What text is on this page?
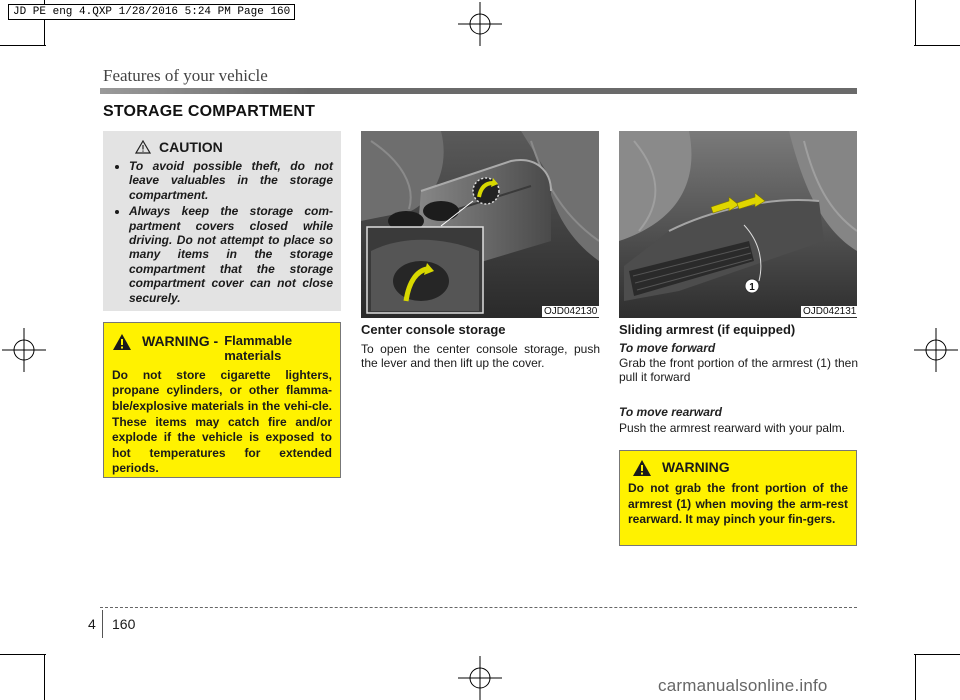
JD PE eng 4.QXP 1/28/2016 5:24 PM Page 160
Features of your vehicle
STORAGE COMPARTMENT
CAUTION
• To avoid possible theft, do not leave valuables in the storage compartment.
• Always keep the storage com-partment covers closed while driving. Do not attempt to place so many items in the storage compartment that the storage compartment cover can not close securely.
WARNING - Flammable materials
Do not store cigarette lighters, propane cylinders, or other flamma-ble/explosive materials in the vehi-cle. These items may catch fire and/or explode if the vehicle is exposed to hot temperatures for extended periods.
OJD042130
1
OJD042131
Center console storage
To open the center console storage, push the lever and then lift up the cover.
Sliding armrest (if equipped)
To move forward
Grab the front portion of the armrest (1) then pull it forward
To move rearward
Push the armrest rearward with your palm.
WARNING
Do not grab the front portion of the armrest (1) when moving the arm-rest rearward. It may pinch your fin-gers.
4 160
carmanualsonline.info
